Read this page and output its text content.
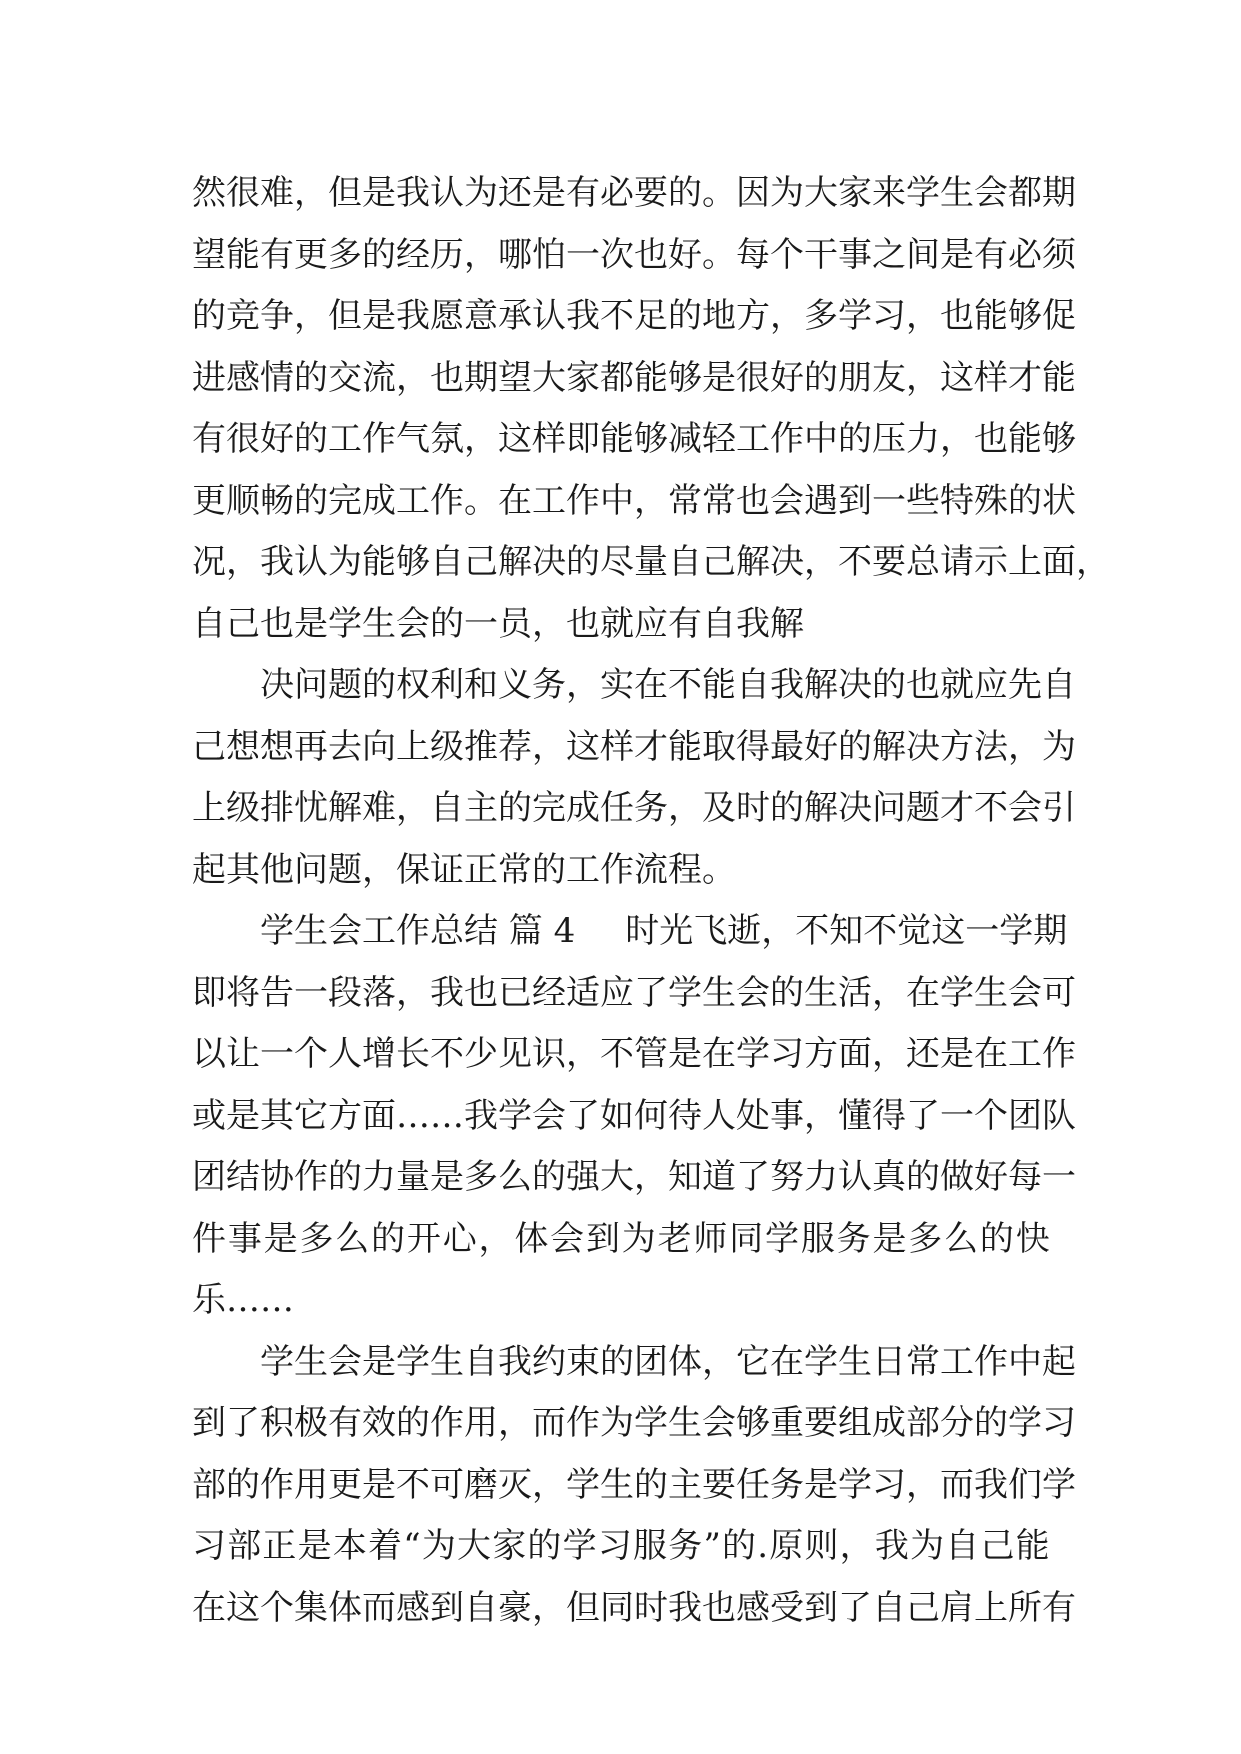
然 很 难 ， 但 是 我 认 为 还 是 有 必 要 的 。 因 为 大 家 来 学 生 会 都 期
望 能 有 更 多 的 经 历 ， 哪 怕 一 次 也 好 。 每 个 干 事 之 间 是 有 必 须
的 竞 争 ， 但 是 我 愿 意 承 认 我 不 足 的 地 方 ， 多 学 习 ， 也 能 够 促
进 感 情 的 交 流 ， 也 期 望 大 家 都 能 够 是 很 好 的 朋 友 ， 这 样 才 能
有 很 好 的 工 作 气 氛 ， 这 样 即 能 够 减 轻 工 作 中 的 压 力 ， 也 能 够
更 顺 畅 的 完 成 工 作 。 在 工 作 中 ， 常 常 也 会 遇 到 一 些 特 殊 的 状
况 ， 我 认 为 能 够 自 己 解 决 的 尽 量 自 己 解 决 ， 不 要 总 请 示 上 面 ，
自己也是学生会的一员，也就应有自我解
决 问 题 的 权 利 和 义 务 ， 实 在 不 能 自 我 解 决 的 也 就 应 先 自
己 想 想 再 去 向 上 级 推 荐 ， 这 样 才 能 取 得 最 好 的 解 决 方 法 ， 为
上 级 排 忧 解 难 ， 自 主 的 完 成 任 务 ， 及 时 的 解 决 问 题 才 不 会 引
起其他问题，保证正常的工作流程。
学生会工作总结 篇 4 时光飞逝，不知不觉这一学期
即 将 告 一 段 落 ， 我 也 已 经 适 应 了 学 生 会 的 生 活 ， 在 学 生 会 可
以 让 一 个 人 增 长 不 少 见 识 ， 不 管 是 在 学 习 方 面 ， 还 是 在 工 作
或 是 其 它 方 面 … … 我 学 会 了 如 何 待 人 处 事 ， 懂 得 了 一 个 团 队
团 结 协 作 的 力 量 是 多 么 的 强 大 ， 知 道 了 努 力 认 真 的 做 好 每 一
件 事 是 多 么 的 开 心 ， 体 会 到 为 老 师 同 学 服 务 是 多 么 的 快
乐……
学 生 会 是 学 生 自 我 约 束 的 团 体 ， 它 在 学 生 日 常 工 作 中 起
到 了 积 极 有 效 的 作 用 ， 而 作 为 学 生 会 够 重 要 组 成 部 分 的 学 习
部 的 作 用 更 是 不 可 磨 灭 ， 学 生 的 主 要 任 务 是 学 习 ， 而 我 们 学
习 部 正 是 本 着 “ 为 大 家 的 学 习 服 务 ” 的 . 原 则 ， 我 为 自 己 能
在 这 个 集 体 而 感 到 自 豪 ， 但 同 时 我 也 感 受 到 了 自 己 肩 上 所 有
